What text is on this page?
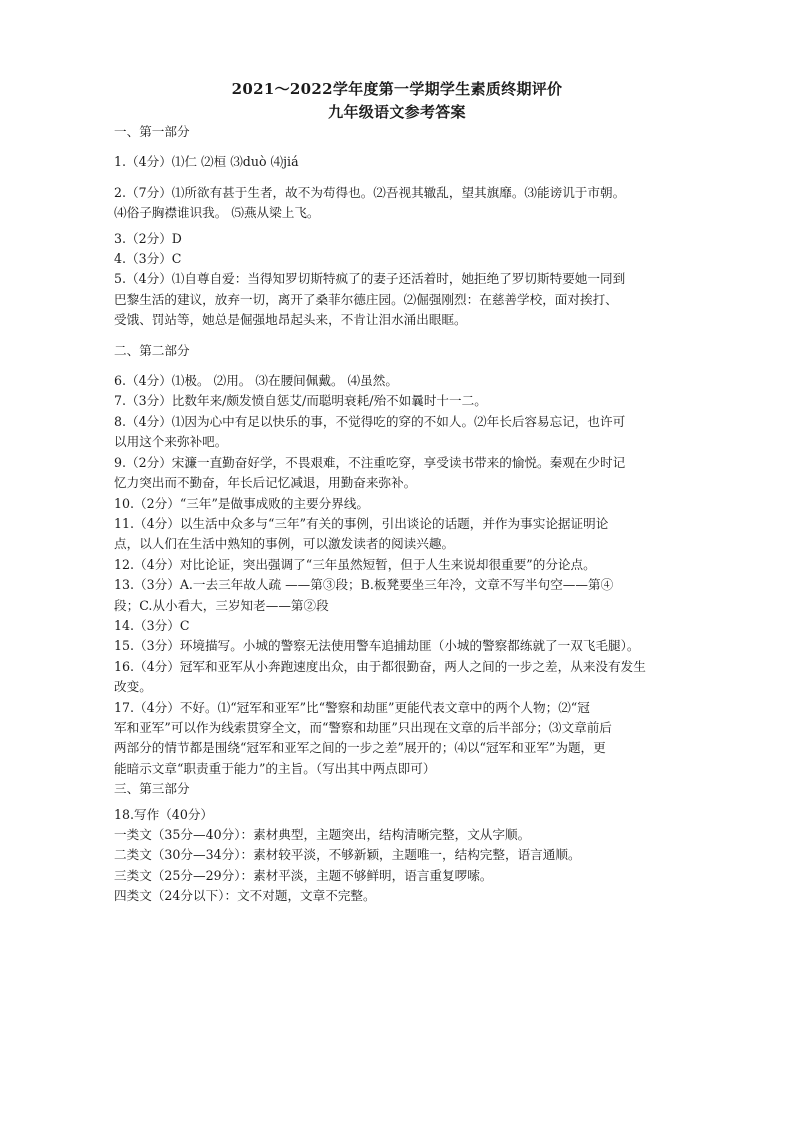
2021～2022学年度第一学期学生素质终期评价
九年级语文参考答案

一、第一部分

1.（4分）⑴仁 ⑵桓 ⑶duò ⑷jiá

2.（7分）⑴所欲有甚于生者，故不为苟得也。⑵吾视其辙乱，望其旗靡。⑶能谤讥于市朝。

⑷俗子胸襟谁识我。 ⑸燕从梁上飞。

3.（2分）D

4.（3分）C

5.（4分）⑴自尊自爱：当得知罗切斯特疯了的妻子还活着时，她拒绝了罗切斯特要她一同到

巴黎生活的建议，放弃一切，离开了桑菲尔德庄园。⑵倔强刚烈：在慈善学校，面对挨打、

受饿、罚站等，她总是倔强地昂起头来，不肯让泪水涌出眼眶。

二、第二部分

6.（4分）⑴极。 ⑵用。 ⑶在腰间佩戴。 ⑷虽然。

7.（3分）比数年来/颇发愤自惩艾/而聪明衰耗/殆不如曩时十一二。

8.（4分）⑴因为心中有足以快乐的事，不觉得吃的穿的不如人。⑵年长后容易忘记，也许可

以用这个来弥补吧。

9.（2分）宋濂一直勤奋好学，不畏艰难，不注重吃穿，享受读书带来的愉悦。秦观在少时记

忆力突出而不勤奋，年长后记忆减退，用勤奋来弥补。

10.（2分）“三年”是做事成败的主要分界线。

11.（4分）以生活中众多与“三年”有关的事例，引出谈论的话题，并作为事实论据证明论

点，以人们在生活中熟知的事例，可以激发读者的阅读兴趣。

12.（4分）对比论证，突出强调了“三年虽然短暂，但于人生来说却很重要”的分论点。

13.（3分）A.一去三年故人疏 ——第③段；B.板凳要坐三年冷，文章不写半句空——第④

段；C.从小看大，三岁知老——第②段

14.（3分）C

15.（3分）环境描写。小城的警察无法使用警车追捕劫匪（小城的警察都练就了一双飞毛腿）。

16.（4分）冠军和亚军从小奔跑速度出众，由于都很勤奋，两人之间的一步之差，从来没有发生

改变。

17.（4分）不好。⑴“冠军和亚军”比“警察和劫匪”更能代表文章中的两个人物；⑵“冠

军和亚军”可以作为线索贯穿全文，而“警察和劫匪”只出现在文章的后半部分；⑶文章前后

两部分的情节都是围绕“冠军和亚军之间的一步之差”展开的；⑷以“冠军和亚军”为题，更

能暗示文章“职责重于能力”的主旨。（写出其中两点即可）

三、第三部分

18.写作（40分）

一类文（35分—40分）：素材典型，主题突出，结构清晰完整，文从字顺。

二类文（30分—34分）：素材较平淡，不够新颖，主题唯一，结构完整，语言通顺。

三类文（25分—29分）：素材平淡，主题不够鲜明，语言重复啰嗦。

四类文（24分以下）：文不对题，文章不完整。
